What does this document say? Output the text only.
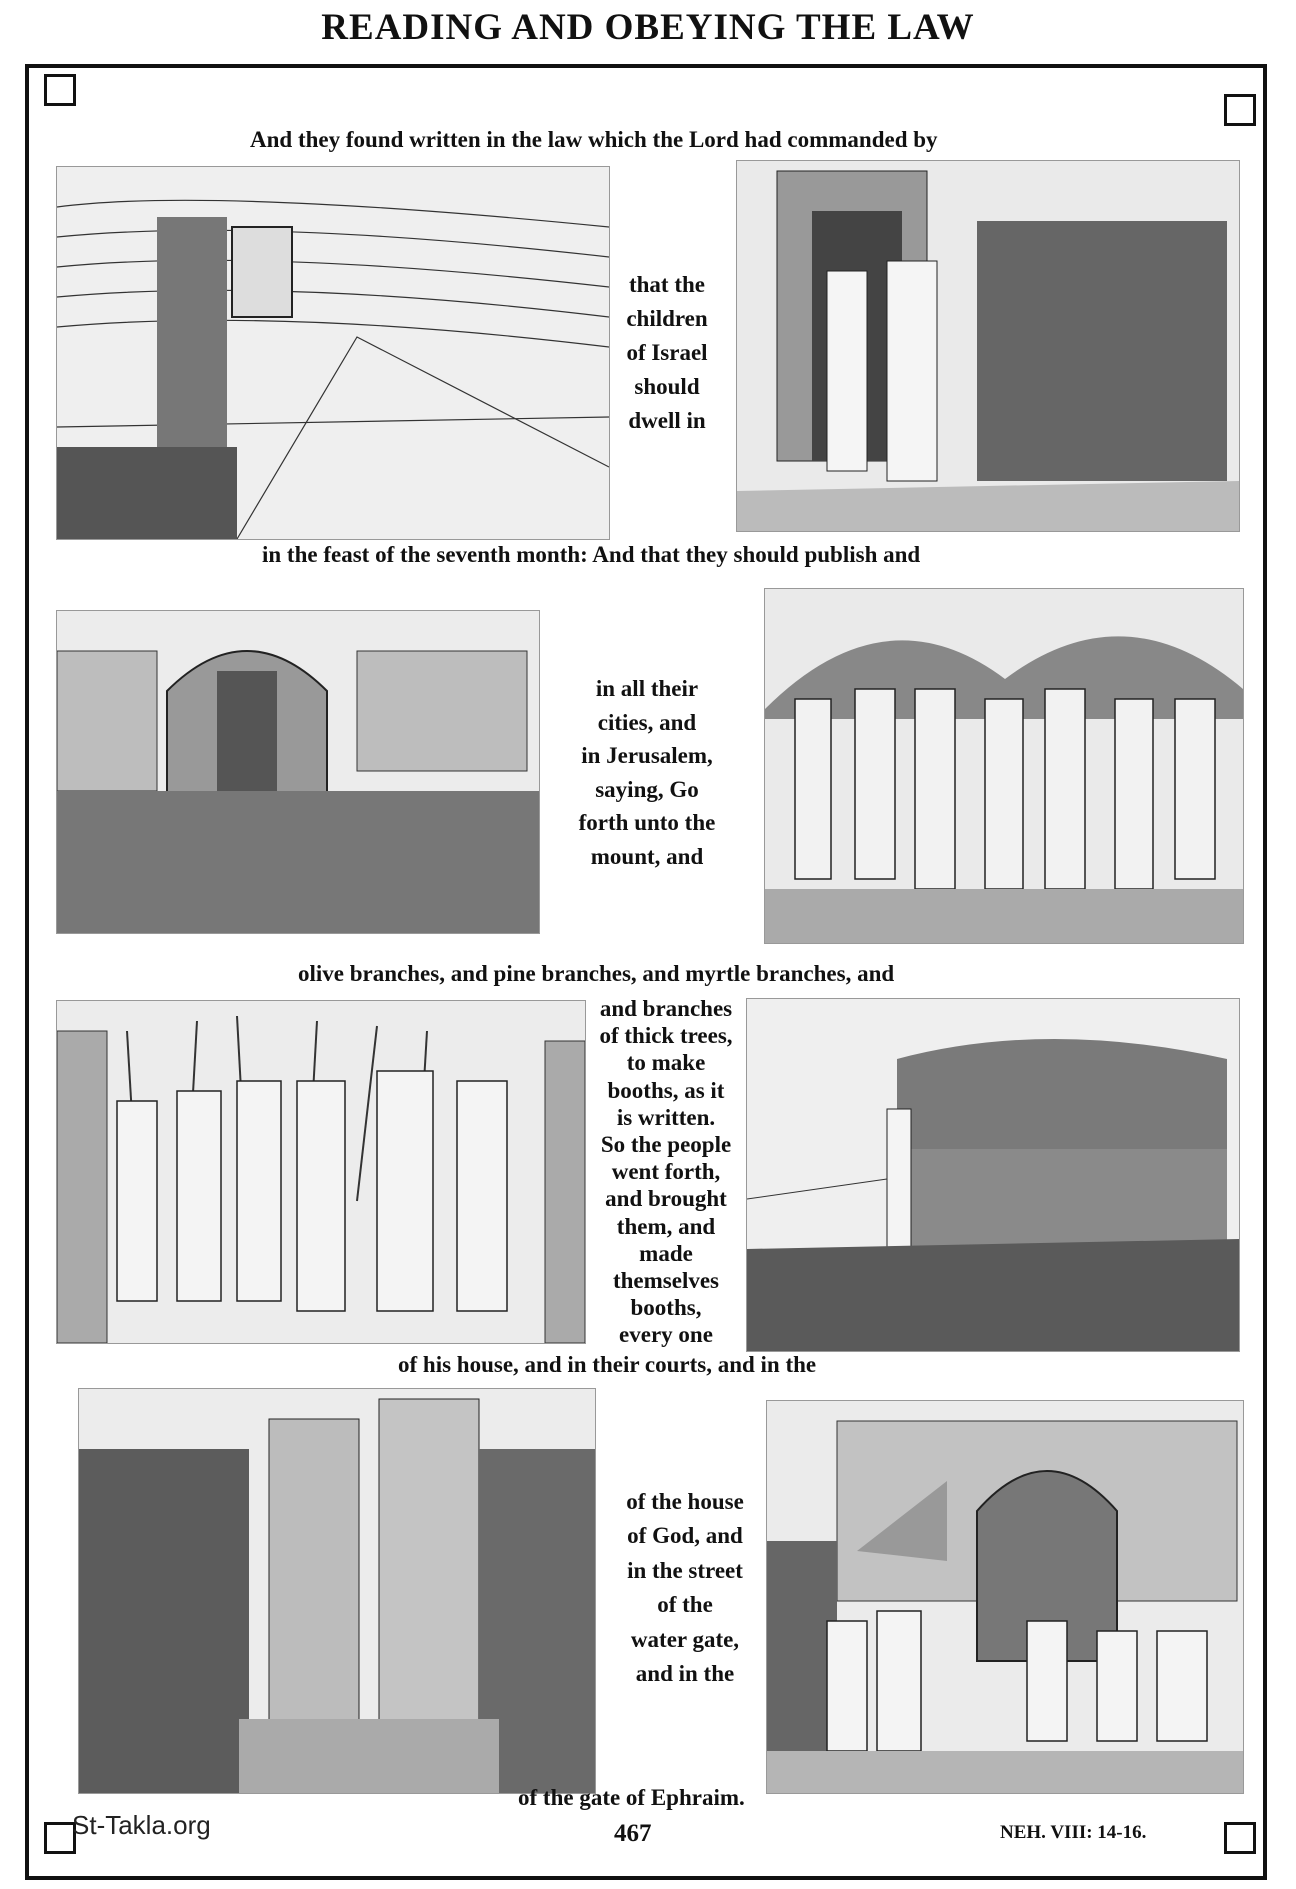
READING AND OBEYING THE LAW
And they found written in the law which the Lord had commanded by
that the
children
of Israel
should
dwell in
in the feast of the seventh month: And that they should publish and
in all their
cities, and
in Jerusalem,
saying, Go
forth unto the
mount, and
olive branches, and pine branches, and myrtle branches, and
and branches
of thick trees,
to make
booths, as it
is written.
So the people
went forth,
and brought
them, and
made
themselves
booths,
every one
of his house, and in their courts, and in the
of the house
of God, and
in the street
of the
water gate,
and in the
of the gate of Ephraim.
St-Takla.org	467	NEH. VIII: 14-16.
